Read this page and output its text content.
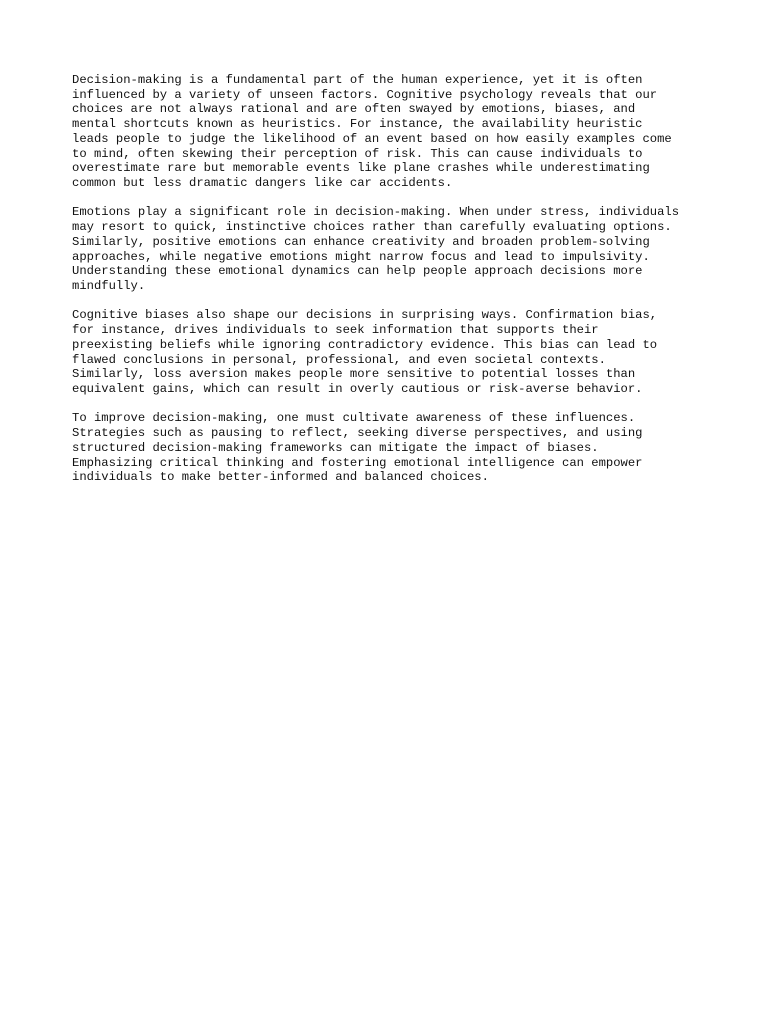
Decision-making is a fundamental part of the human experience, yet it is often
influenced by a variety of unseen factors. Cognitive psychology reveals that our
choices are not always rational and are often swayed by emotions, biases, and
mental shortcuts known as heuristics. For instance, the availability heuristic
leads people to judge the likelihood of an event based on how easily examples come
to mind, often skewing their perception of risk. This can cause individuals to
overestimate rare but memorable events like plane crashes while underestimating
common but less dramatic dangers like car accidents.

Emotions play a significant role in decision-making. When under stress, individuals
may resort to quick, instinctive choices rather than carefully evaluating options.
Similarly, positive emotions can enhance creativity and broaden problem-solving
approaches, while negative emotions might narrow focus and lead to impulsivity.
Understanding these emotional dynamics can help people approach decisions more
mindfully.

Cognitive biases also shape our decisions in surprising ways. Confirmation bias,
for instance, drives individuals to seek information that supports their
preexisting beliefs while ignoring contradictory evidence. This bias can lead to
flawed conclusions in personal, professional, and even societal contexts.
Similarly, loss aversion makes people more sensitive to potential losses than
equivalent gains, which can result in overly cautious or risk-averse behavior.

To improve decision-making, one must cultivate awareness of these influences.
Strategies such as pausing to reflect, seeking diverse perspectives, and using
structured decision-making frameworks can mitigate the impact of biases.
Emphasizing critical thinking and fostering emotional intelligence can empower
individuals to make better-informed and balanced choices.
